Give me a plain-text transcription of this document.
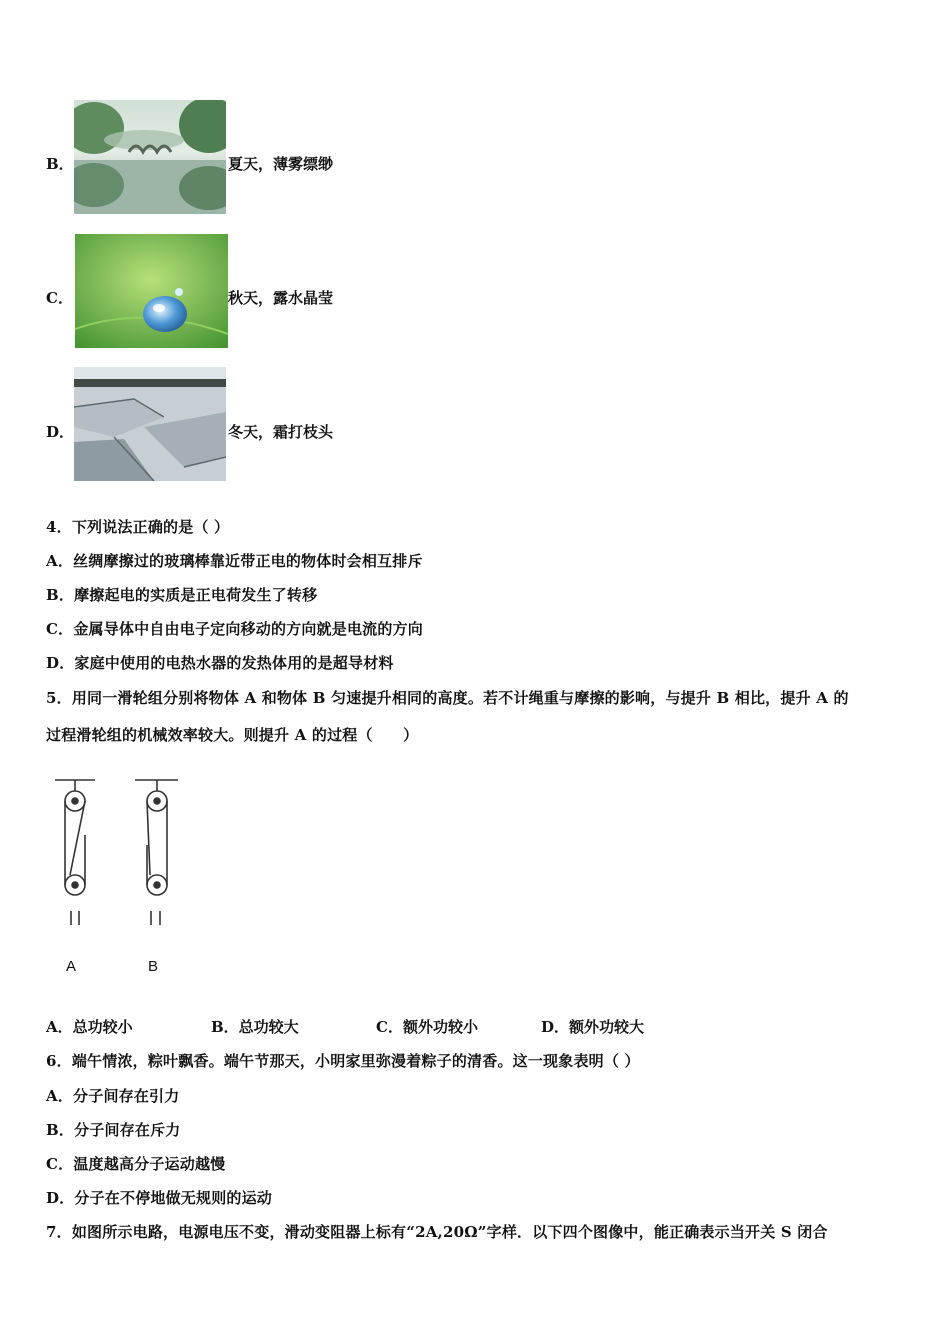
B．	夏天，薄雾缥缈
C．	秋天，露水晶莹
D．	冬天，霜打枝头
4．下列说法正确的是（ ）
A．丝绸摩擦过的玻璃棒靠近带正电的物体时会相互排斥
B．摩擦起电的实质是正电荷发生了转移
C．金属导体中自由电子定向移动的方向就是电流的方向
D．家庭中使用的电热水器的发热体用的是超导材料
5．用同一滑轮组分别将物体 A 和物体 B 匀速提升相同的高度。若不计绳重与摩擦的影响，与提升 B 相比，提升 A 的
过程滑轮组的机械效率较大。则提升 A 的过程（　　）
A	B
A．总功较小	B．总功较大	C．额外功较小	D．额外功较大
6．端午情浓，粽叶飘香。端午节那天，小明家里弥漫着粽子的清香。这一现象表明（ ）
A．分子间存在引力
B．分子间存在斥力
C．温度越高分子运动越慢
D．分子在不停地做无规则的运动
7．如图所示电路，电源电压不变，滑动变阻器上标有“2A,20Ω”字样．以下四个图像中，能正确表示当开关 S 闭合
